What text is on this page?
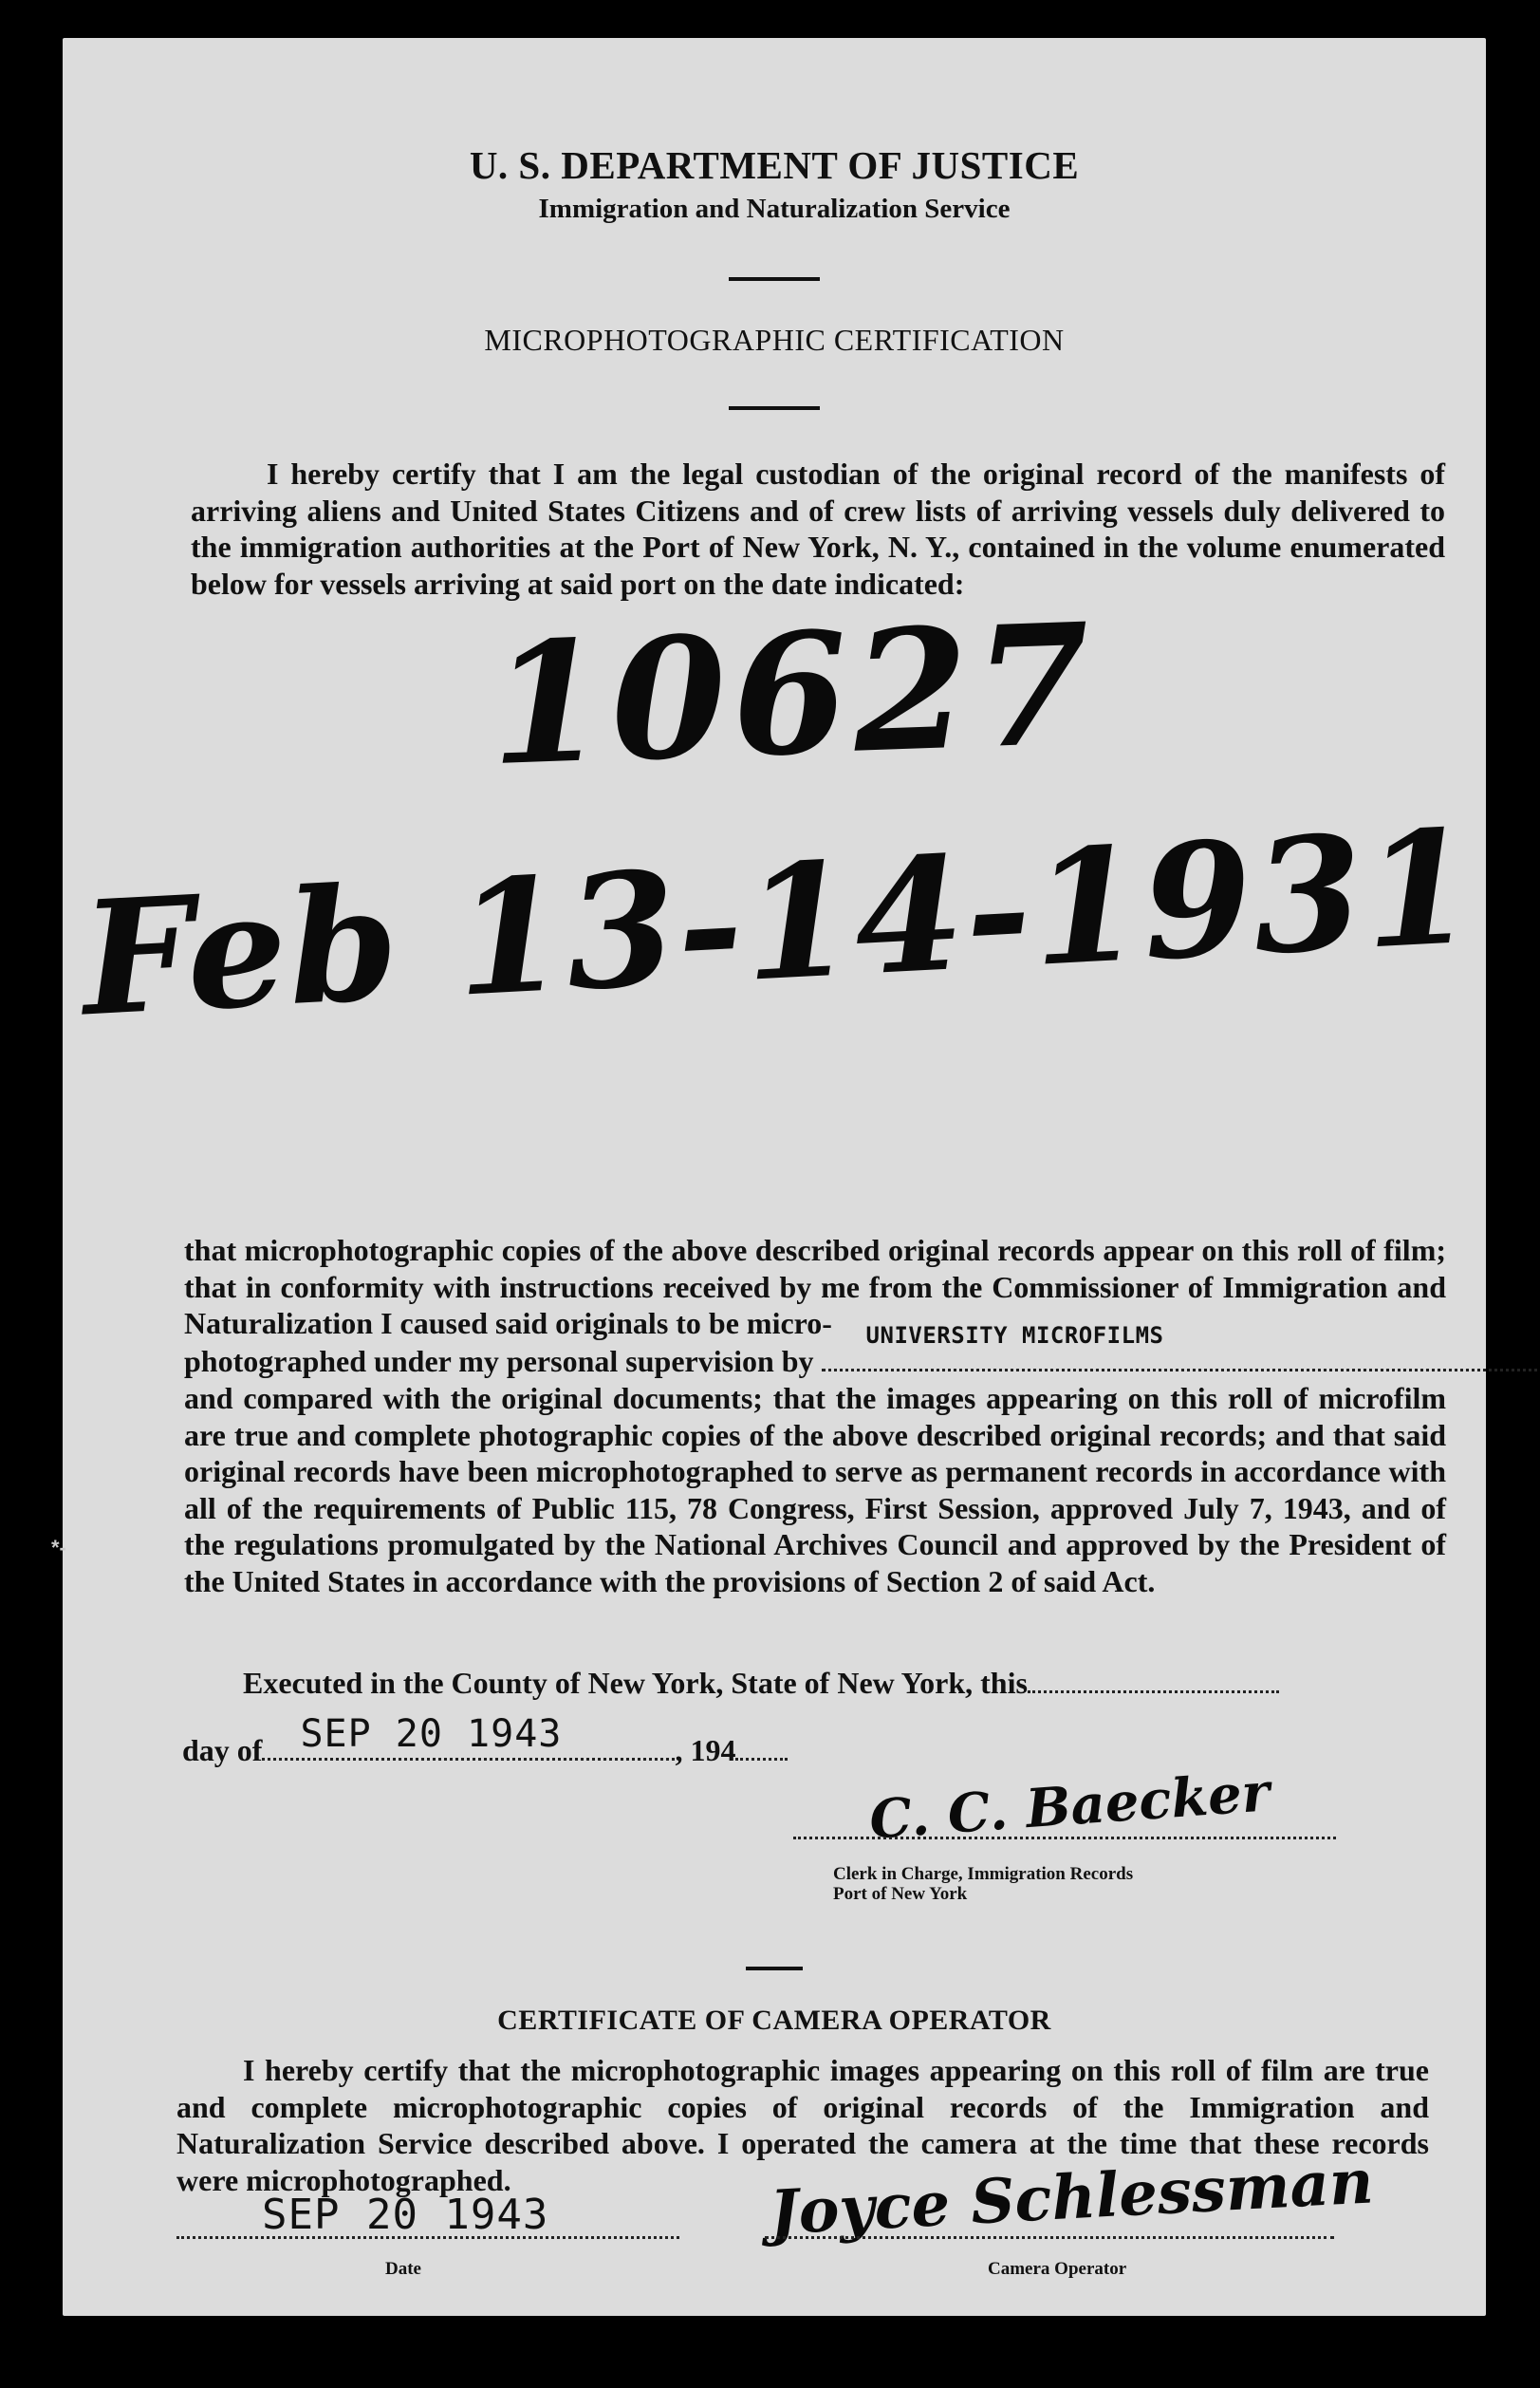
U. S. DEPARTMENT OF JUSTICE
Immigration and Naturalization Service
MICROPHOTOGRAPHIC CERTIFICATION
I hereby certify that I am the legal custodian of the original record of the manifests of arriving aliens and United States Citizens and of crew lists of arriving vessels duly delivered to the immigration authorities at the Port of New York, N. Y., contained in the volume enumerated below for vessels arriving at said port on the date indicated:
10627
Feb 13-14-1931
that microphotographic copies of the above described original records appear on this roll of film; that in conformity with instructions received by me from the Commissioner of Immigration and Naturalization I caused said originals to be micro-
photographed under my personal supervision by
UNIVERSITY MICROFILMS
and compared with the original documents; that the images appearing on this roll of microfilm are true and complete photographic copies of the above described original records; and that said original records have been microphotographed to serve as permanent records in accordance with all of the requirements of Public 115, 78 Congress, First Session, approved July 7, 1943, and of the regulations promulgated by the National Archives Council and approved by the President of the United States in accordance with the provisions of Section 2 of said Act.
Executed in the County of New York, State of New York, this
day of SEP 20 1943	, 194
C. C. Baecker
Clerk in Charge, Immigration Records
Port of New York
CERTIFICATE OF CAMERA OPERATOR
I hereby certify that the microphotographic images appearing on this roll of film are true and complete microphotographic copies of original records of the Immigration and Naturalization Service described above. I operated the camera at the time that these records were microphotographed.
SEP 20 1943
Date
Joyce Schlessman
Camera Operator
*-
